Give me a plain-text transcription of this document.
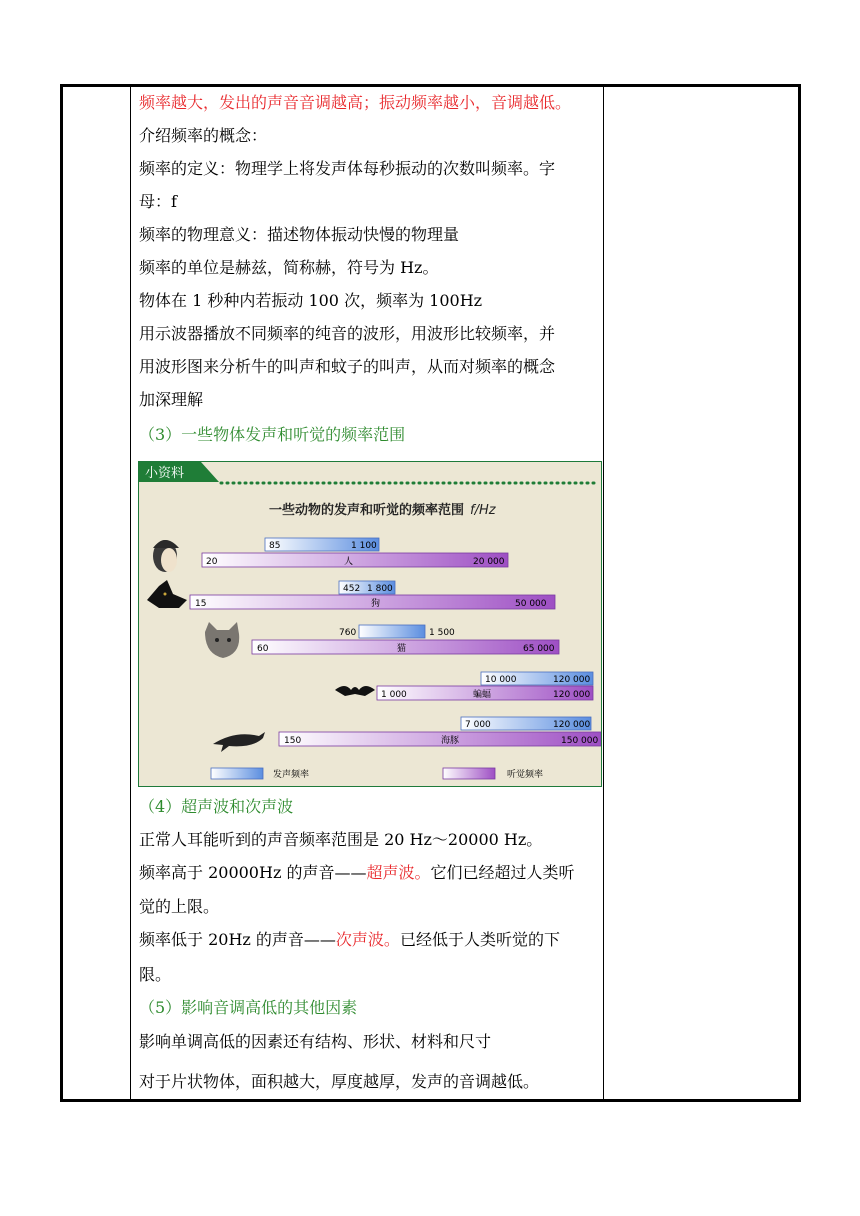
频率越大，发出的声音音调越高；振动频率越小，音调越低。
介绍频率的概念：
频率的定义：物理学上将发声体每秒振动的次数叫频率。字
母：f
频率的物理意义：描述物体振动快慢的物理量
频率的单位是赫兹，简称赫，符号为 Hz。
物体在 1 秒种内若振动 100 次，频率为 100Hz
用示波器播放不同频率的纯音的波形，用波形比较频率，并
用波形图来分析牛的叫声和蚊子的叫声，从而对频率的概念
加深理解
（3）一些物体发声和听觉的频率范围
（4）超声波和次声波
正常人耳能听到的声音频率范围是 20 Hz～20000 Hz。
频率高于 20000Hz 的声音——超声波。它们已经超过人类听
觉的上限。
频率低于 20Hz 的声音——次声波。已经低于人类听觉的下
限。
（5）影响音调高低的其他因素
影响单调高低的因素还有结构、形状、材料和尺寸
对于片状物体，面积越大，厚度越厚，发声的音调越低。
小资料
一些动物的发声和听觉的频率范围 f/Hz
85	1 100
20	人	20 000
452 1 800
15	狗	50 000
760	1 500
60	猫	65 000
10 000	120 000
1 000	蝙蝠	120 000
7 000	120 000
150	海豚	150 000
发声频率	听觉频率
